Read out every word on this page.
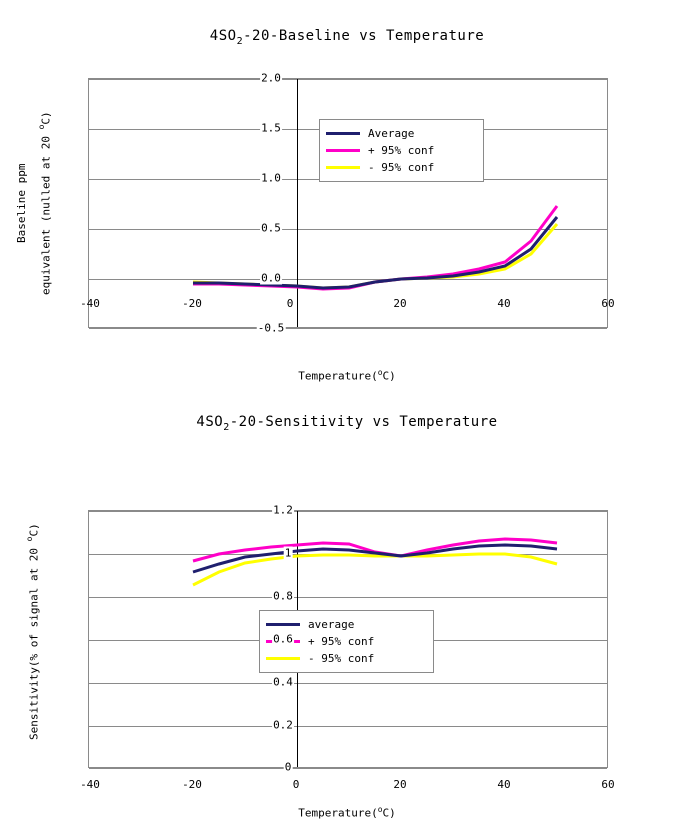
$4SO_2-20$-Baseline vs Temperature
Baseline ppm	equivalent (nulled at 20 $^o$C)
Average
+ 95% conf
- 95% conf
2.0
1.5
1.0
0.5
0.0
-0.5
-40	-20	0	20	40	60
Temperature($^o$C)
$4SO_2-20$-Sensitivity vs Temperature
Sensitivity(% of signal at 20 $^o$C)
average
+ 95% conf
- 95% conf
1.2
1
0.8
0.6
0.4
0.2
0
-40	-20	0	20	40	60
Temperature($^o$C)
